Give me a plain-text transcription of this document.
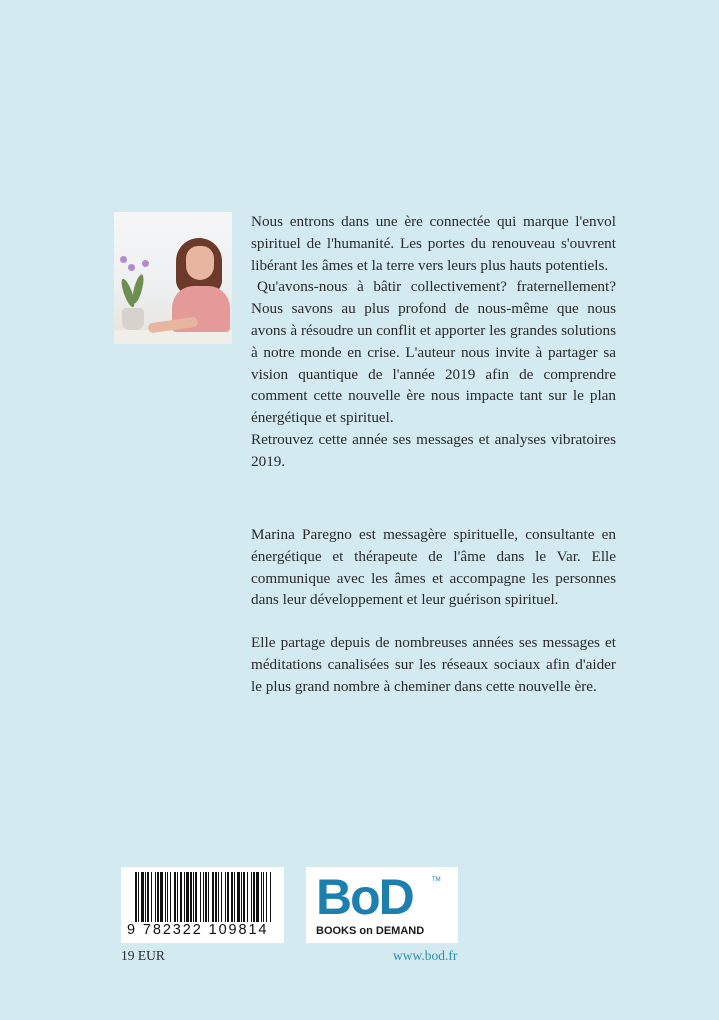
Nous entrons dans une ère connectée qui marque l'envol spirituel de l'humanité. Les portes du renouveau s'ouvrent libérant les âmes et la terre vers leurs plus hauts potentiels.

Qu'avons-nous à bâtir collectivement? fraternellement? Nous savons au plus profond de nous-même que nous avons à résoudre un conflit et apporter les grandes solutions à notre monde en crise. L'auteur nous invite à partager sa vision quantique de l'année 2019 afin de comprendre comment cette nouvelle ère nous impacte tant sur le plan énergétique et spirituel.

Retrouvez cette année ses messages et analyses vibratoires 2019.

Marina Paregno est messagère spirituelle, consultante en énergétique et thérapeute de l'âme dans le Var. Elle communique avec les âmes et accompagne les personnes dans leur développement et leur guérison spirituel.

Elle partage depuis de nombreuses années ses messages et méditations canalisées sur les réseaux sociaux afin d'aider le plus grand nombre à cheminer dans cette nouvelle ère.

9 782322 109814
BoD	TM
BOOKS on DEMAND
19 EUR	www.bod.fr
